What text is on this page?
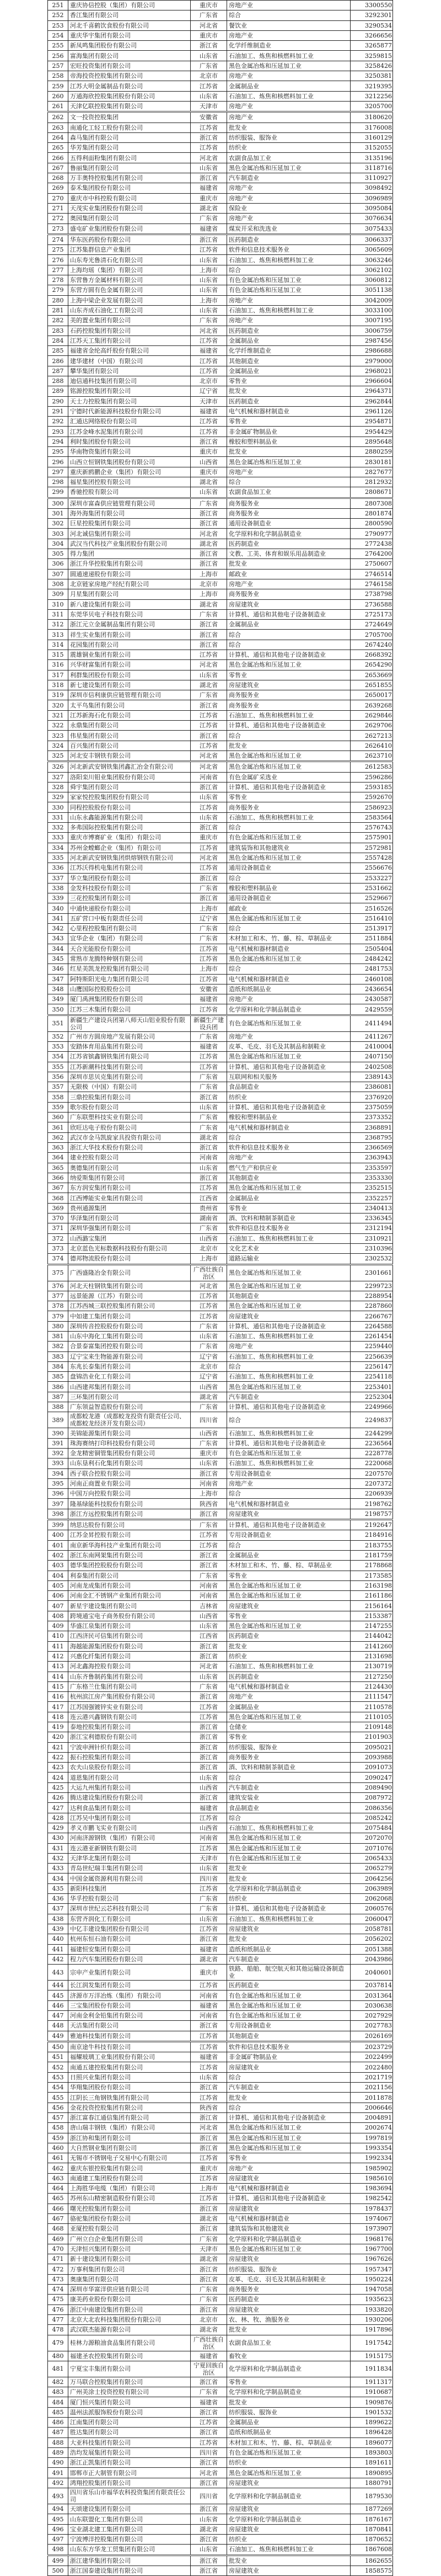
251	重庆协信控股（集团）有限公司	重庆市	房地产业	3300550
252	香江集团有限公司	广东省	综合	3292301
253	河北千喜鹤饮食股份有限公司	河北省	餐饮业	3290534
254	重庆华宇集团有限公司	重庆市	房地产业	3266656
255	新凤鸣集团股份有限公司	浙江省	化学纤维制造业	3265877
256	富海集团有限公司	山东省	石油加工、炼焦和核燃料加工业	3259815
257	宏旺投资集团有限公司	广东省	黑色金属冶炼和压延加工业	3258426
258	帝海投资控股集团有限公司	北京市	房地产业	3250381
259	江苏大明金属制品有限公司	江苏省	金属制品业	3219395
260	万通海欣控股集团股份有限公司	山东省	石油加工、炼焦和核燃料加工业	3212256
261	天津亿联控股集团有限公司	天津市	房地产业	3205700
262	文一投资控股集团	安徽省	房地产业	3180620
263	南通化工轻工股份有限公司	江苏省	批发业	3176008
264	森马集团有限公司	浙江省	纺织服装、服饰业	3160129
265	华芳集团有限公司	江苏省	纺织业	3152055
266	五得利面粉集团有限公司	河北省	农副食品加工业	3135196
267	鲁丽集团有限公司	山东省	黑色金属冶炼和压延加工业	3118716
268	万丰奥特控股集团有限公司	浙江省	汽车制造业	3110927
269	泰禾集团股份有限公司	福建省	房地产业	3098492
270	重庆市中科控股有限公司	重庆市	房地产业	3096989
271	天茂实业集团股份有限公司	湖北省	保险业	3095084
272	奥园集团有限公司	广东省	房地产业	3076634
273	盛屯矿业集团股份有限公司	福建省	煤炭开采和洗选业	3075433
274	华东医药股份有限公司	浙江省	医药制造业	3066337
275	江苏集群信息产业集团	江苏省	软件和信息技术服务业	3065609
276	山东寿光鲁清石化有限公司	山东省	石油加工、炼焦和核燃料加工业	3063246
277	上海均瑶（集团）有限公司	上海市	综合	3062102
278	东营鲁方金属材料有限公司	山东省	有色金属冶炼和压延加工业	3060812
279	东营方圆有色金属有限公司	山东省	有色金属冶炼和压延加工业	3051138
280	上海中梁企业发展有限公司	上海市	房地产业	3042009
281	山东齐成石油化工有限公司	山东省	石油加工、炼焦和核燃料加工业	3033100
282	美的置业集团有限公司	广东省	房地产业	3007195
283	石药控股集团有限公司	河北省	医药制造业	3006759
284	江苏天工集团有限公司	江苏省	金属制品业	2987456
285	福建省金纶高纤股份有限公司	福建省	化学纤维制造业	2986688
286	建华建材（中国）有限公司	江苏省	其他制造业	2979000
287	攀华集团有限公司	江苏省	金属制品业	2968021
288	迪信通科技集团有限公司	北京市	零售业	2966604
289	铭源控股集团有限公司	辽宁省	批发业	2964371
290	天士力控股集团有限公司	天津市	医药制造业	2962844
291	宁德时代新能源科技股份有限公司	福建省	电气机械和器材制造业	2961126
292	汇通达网络股份有限公司	江苏省	零售业	2954871
293	江苏金峰水泥集团有限公司	江苏省	非金属矿物制品业	2954429
294	利时集团股份有限公司	浙江省	橡胶和塑料制品业	2895648
295	华南物资集团有限公司	重庆市	批发业	2880259
296	山西立恒钢铁集团股份有限公司	山西省	黑色金属冶炼和压延加工业	2830181
297	重庆新鸥鹏企业（集团）有限公司	重庆市	房地产业	2827677
298	福星集团控股有限公司	湖北省	综合	2812932
299	香驰控股有限公司	山东省	农副食品加工业	2808671
300	深圳市富森供应链管理有限公司	广东省	商务服务业	2807308
301	海外海集团有限公司	浙江省	商务服务业	2801874
302	巨星控股集团有限公司	浙江省	通用设备制造业	2800590
303	河北诚信集团有限公司	河北省	化学原料和化学制品制造业	2790977
304	武汉当代科技产业集团股份有限公司	湖北省	医药制造业	2772438
305	得力集团	浙江省	文教、工美、体育和娱乐用品制造业	2764200
306	浙江升华控股集团有限公司	浙江省	批发业	2750607
307	圆通速递股份有限公司	上海市	邮政业	2746514
308	北京链家房地产经纪有限公司	北京市	房地产业	2746158
309	月星集团有限公司	上海市	商务服务业	2738798
310	新八建设集团有限公司	湖北省	房屋建筑业	2736588
311	东莞华贝电子科技有限公司	广东省	计算机、通信和其他电子设备制造业	2725173
312	浙江元立金属制品集团有限公司	浙江省	金属制品业	2724649
313	祥生实业集团有限公司	浙江省	综合	2705700
314	花园集团有限公司	浙江省	综合	2674240
315	震雄铜业集团有限公司	江苏省	计算机、通信和其他电子设备制造业	2668392
316	兴华财富集团有限公司	河北省	黑色金属冶炼和压延加工业	2654290
317	利群集团股份有限公司	山东省	零售业	2653669
318	新七建设集团有限公司	湖北省	房屋建筑业	2651855
319	深圳市信利康供应链管理有限公司	广东省	商务服务业	2650017
320	太平鸟集团有限公司	浙江省	商务服务业	2639268
321	江苏新海石化有限公司	江苏省	石油加工、炼焦和核燃料加工业	2629846
322	永鼎集团有限公司	江苏省	计算机、通信和其他电子设备制造业	2629706
323	伟星集团有限公司	浙江省	综合	2627213
324	百兴集团有限公司	江苏省	批发业	2626410
325	河北安丰钢铁有限公司	河北省	黑色金属冶炼和压延加工业	2623710
326	河北新武安钢铁集团鑫汇冶金有限公司	河北省	黑色金属冶炼和压延加工业	2612583
327	洛阳栾川钼业集团股份有限公司	河南省	有色金属矿采选业	2596286
328	舜宇集团有限公司	浙江省	计算机、通信和其他电子设备制造业	2593185
329	家家悦控股集团股份有限公司	山东省	零售业	2592670
330	同程控股股份有限公司	江苏省	商务服务业	2586923
331	山东永鑫能源集团有限公司	山东省	石油加工、炼焦和核燃料加工业	2583564
332	多弗国际控股集团有限公司	浙江省	综合	2576743
333	重庆市博赛矿业（集团）有限公司	重庆市	有色金属冶炼和压延加工业	2575901
334	苏州金螳螂企业（集团）有限公司	江苏省	建筑装饰和其他建筑业	2572981
335	河北新武安钢铁集团烘熔钢铁有限公司	河北省	黑色金属冶炼和压延加工业	2557428
336	江苏沃得机电集团有限公司	江苏省	通用设备制造业	2556676
337	华立集团股份有限公司	浙江省	综合	2533227
338	金发科技股份有限公司	广东省	橡胶和塑料制品业	2531662
339	三花控股集团有限公司	浙江省	通用设备制造业	2529667
340	中通快递股份有限公司	上海市	邮政业	2516526
341	五矿营口中板有限责任公司	辽宁省	黑色金属冶炼和压延加工业	2516410
342	心里程控股集团有限公司	广东省	综合	2513917
343	宜华企业（集团）有限公司	广东省	木材加工和木、竹、藤、棕、草制品业	2511884
344	天合光能股份有限公司	江苏省	电气机械和器材制造业	2505404
345	常熟市龙腾特种钢有限公司	江苏省	黑色金属冶炼和压延加工业	2484242
346	红星美凯龙控股集团有限公司	上海市	综合	2481753
347	阿特斯阳光电力集团有限公司	江苏省	电气机械和器材制造业	2460108
348	山鹰国际控股股份公司	安徽省	造纸和纸制品业	2436654
349	厦门禹洲集团股份有限公司	福建省	房地产业	2430587
350	江苏三木集团有限公司	江苏省	化学原料和化学制品制造业	2429559
351	新疆生产建设兵团第八师天山铝业股份有限公司	新疆生产建设兵团	有色金属冶炼和压延加工业	2411494
352	广州市方圆房地产发展有限公司	广东省	房地产业	2411267
353	安踏体育用品集团有限公司	福建省	皮革、毛皮、羽毛及其制品和制鞋业	2410004
354	江苏省镔鑫钢铁集团有限公司	江苏省	黑色金属冶炼和压延加工业	2407150
355	江苏新潮科技集团有限公司	江苏省	计算机、通信和其他电子设备制造业	2402508
356	深圳市思贝克集团有限公司	广东省	互联网和相关服务	2389143
357	无限极（中国）有限公司	广东省	食品制造业	2386081
358	三鼎控股集团有限公司	浙江省	纺织业	2376920
359	歌尔股份有限公司	山东省	计算机、通信和其他电子设备制造业	2375059
360	广东联塑科技实业有限公司	广东省	橡胶和塑料制品业	2373352
361	欣旺达电子股份有限公司	广东省	电气机械和器材制造业	2368891
362	武汉市金马凯旋家具投资有限公司	湖北省	综合	2368795
363	浙江大华技术股份有限公司	浙江省	软件和信息技术服务业	2366569
364	建业控股有限公司	河南省	房地产业	2363943
365	奥德集团有限公司	山东省	燃气生产和供应业	2353597
366	纳爱斯集团有限公司	浙江省	其他制造业	2353330
367	东方润安集团有限公司	江苏省	黑色金属冶炼和压延加工业	2352515
368	江西博能实业集团有限公司	江西省	金属制品业	2352257
369	贵州通源集团	贵州省	零售业	2340413
370	华泽集团有限公司	湖南省	酒、饮料和精制茶制造业	2336345
371	深圳华强集团有限公司	广东省	软件和信息技术服务业	2312194
372	山西潞宝集团	山西省	石油加工、炼焦和核燃料加工业	2310921
373	北京蓝色光标数据科技股份有限公司	北京市	文化艺术业	2310396
374	德邦物流股份有限公司	上海市	道路运输业	2302532
375	广西盛隆冶金有限公司	广西壮族自治区	黑色金属冶炼和压延加工业	2301661
376	河北天柱钢铁集团有限公司	河北省	黑色金属冶炼和压延加工业	2299723
377	远景能源（江苏）有限公司	江苏省	其他制造业	2288954
378	江苏西城三联控股集团有限公司	江苏省	黑色金属冶炼和压延加工业	2287860
379	中如建工集团有限公司	江苏省	房屋建筑业	2266767
380	深圳传音控股股份有限公司	广东省	计算机、通信和其他电子设备制造业	2264588
381	山东中海化工集团有限公司	山东省	石油加工、炼焦和核燃料加工业	2261454
382	合景泰富集团控股有限公司	广东省	房地产业	2259440
383	辽宁宝来生物能源有限公司	辽宁省	石油加工、炼焦和核燃料加工业	2256639
384	东兆长泰集团有限公司	北京市	综合	2256147
385	盘锦浩业化工有限公司	辽宁省	石油加工、炼焦和核燃料加工业	2254118
386	山西建邦集团有限公司	山西省	黑色金属冶炼和压延加工业	2253401
387	三环集团有限公司	湖北省	汽车制造业	2252304
388	广东领益智造股份有限公司	广东省	计算机、通信和其他电子设备制造业	2249966
389	成都蛟龙港（成都蛟龙投资有限责任公司、成都蛟龙经济开发有限公司）	四川省	综合	2249837
390	美锦能源集团有限公司	山西省	石油加工、炼焦和核燃料加工业	2244299
391	珠海赛纳打印科技股份有限公司	广东省	计算机、通信和其他电子设备制造业	2236564
392	金龙精密铜管集团股份有限公司	重庆市	有色金属冶炼和压延加工业	2228778
393	山东垦利石化集团有限公司	山东省	石油加工、炼焦和核燃料加工业	2220068
394	西子联合控股有限公司	浙江省	专用设备制造业	2207570
395	河南正商置业有限公司	河南省	房地产业	2207372
396	中国万向控股有限公司	上海市	综合	2206939
397	隆基绿能科技股份有限公司	陕西省	电气机械和器材制造业	2198762
398	浙江方远控股集团有限公司	浙江省	房屋建筑业	2198757
399	纳思达股份有限公司	广东省	计算机、通信和其他电子设备制造业	2192647
400	江苏金昇控股有限公司	江苏省	专用设备制造业	2184916
401	南京新华海科技产业集团有限公司	江苏省	综合	2183755
402	浙江东南网架集团有限公司	浙江省	金属制品业	2181759
403	德华集团控股股份有限公司	浙江省	木材加工和木、竹、藤、棕、草制品业	2178868
404	利泰集团有限公司	广东省	零售业	2173585
405	河南龙成集团有限公司	河南省	黑色金属冶炼和压延加工业	2163198
406	河南金汇不锈钢产业集团有限公司	河南省	黑色金属冶炼和压延加工业	2161186
407	新星宇建设集团有限公司	吉林省	房屋建筑业	2156164
408	跨境通宝电子商务股份有限公司	山西省	零售业	2153387
409	华盛江泉集团有限公司	山东省	黑色金属冶炼和压延加工业	2147255
410	江西济民可信集团有限公司	江西省	医药制造业	2144042
411	海越能源集团股份有限公司	浙江省	批发业	2141260
412	兴惠化纤集团有限公司	浙江省	纺织业	2131698
413	河北鑫海控股有限公司	河北省	石油加工、炼焦和核燃料加工业	2130719
414	山东齐鲁制药集团有限公司	山东省	医药制造业	2127250
415	广东格兰仕集团有限公司	广东省	电气机械和器材制造业	2124430
416	杭州滨江房产集团股份有限公司	浙江省	房地产业	2111547
417	江苏国强镀锌实业有限公司	江苏省	金属制品业	2110578
418	连云港兴鑫钢铁有限公司	江苏省	黑色金属冶炼和压延加工业	2110105
419	泰地控股集团有限公司	浙江省	仓储业	2109148
420	浙江宝利德股份有限公司	浙江省	零售业	2101903
421	宁波申洲针织有限公司	浙江省	纺织服装、服饰业	2095021
422	振石控股集团有限公司	浙江省	商务服务业	2093988
423	农夫山泉股份有限公司	浙江省	酒、饮料和精制茶制造业	2091073
424	道恩集团有限公司	山东省	综合	2090247
425	大运九州集团有限公司	山西省	汽车制造业	2089490
426	腾达建设集团股份有限公司	浙江省	建筑安装业	2087972
427	达利食品集团有限公司	福建省	食品制造业	2086356
428	江苏吴中集团有限公司	江苏省	综合	2085242
429	孝义市鹏飞实业有限公司	山西省	石油加工、炼焦和核燃料加工业	2075484
430	河南济源钢铁（集团）有限公司	河南省	黑色金属冶炼和压延加工业	2072070
431	连云港亚新钢铁有限公司	江苏省	黑色金属冶炼和压延加工业	2071076
432	天津华北集团有限公司	天津市	有色金属冶炼和压延加工业	2065433
433	青岛世纪瑞丰集团有限公司	山东省	批发业	2065279
434	中国金属资源利用有限公司	四川省	批发业	2064256
435	新阳科技集团	江苏省	化学原料和化学制品制造业	2063989
436	华孚控股有限公司	广东省	纺织业	2062068
437	深圳市世纪云芯科技有限公司	广东省	计算机、通信和其他电子设备制造业	2060576
438	东营齐润化工有限公司	山东省	石油加工、炼焦和核燃料加工业	2060047
439	中亿丰建设集团股份有限公司	江苏省	房屋建筑业	2058781
440	杭州东恒石油有限公司	浙江省	批发业	2056202
441	福建恒安集团有限公司	福建省	造纸和纸制品业	2051388
442	程力汽车集团股份有限公司	湖北省	汽车制造业	2043986
443	宗申产业集团有限公司	重庆市	铁路、船舶、航空航天和其他运输设备制造业	2040601
444	长江润发集团有限公司	江苏省	医药制造业	2037814
445	济源市万洋冶炼（集团）有限公司	河南省	有色金属冶炼和压延加工业	2031364
446	三宝集团股份有限公司	福建省	黑色金属冶炼和压延加工业	2030638
447	河南金利金铅集团有限公司	河南省	有色金属冶炼和压延加工业	2027929
448	天洁集团有限公司	浙江省	专用设备制造业	2027783
449	雅迪科技集团有限公司	江苏省	其他制造业	2026169
450	南京途牛科技有限公司	江苏省	软件和信息技术服务业	2023729
451	福耀玻璃工业集团股份有限公司	福建省	非金属矿物制品业	2022499
452	南通五建控股集团有限公司	江苏省	房屋建筑业	2022480
453	日照兴业集团有限公司	山东省	综合	2021719
454	华翔集团股份有限公司	浙江省	汽车制造业	2021156
455	江阴长三角钢铁集团有限公司	江苏省	批发业	2011878
456	金花投资控股集团有限公司	陕西省	综合	2006646
457	浙江富春江通信集团有限公司	浙江省	计算机、通信和其他电子设备制造业	2004891
458	唐山瑞丰钢铁（集团）有限公司	河北省	黑色金属冶炼和压延加工业	2002674
459	浙江协和集团有限公司	浙江省	黑色金属冶炼和压延加工业	1997819
460	大自然钢业集团有限公司	浙江省	黑色金属冶炼和压延加工业	1993354
461	无锡市不锈钢电子交易中心有限公司	江苏省	零售业	1992334
462	重庆东银控股集团有限公司	重庆市	房地产业	1985902
463	南通建工集团股份有限公司	江苏省	房屋建筑业	1985610
464	上海胜华电缆（集团）有限公司	上海市	电气机械和器材制造业	1983694
465	苏州东山精密制造股份有限公司	江苏省	计算机、通信和其他电子设备制造业	1982542
466	曙光控股集团有限公司	浙江省	房屋建筑业	1978437
467	骆驼集团股份有限公司	湖北省	电气机械和器材制造业	1974067
468	亚厦控股有限公司	浙江省	建筑装饰和其他建筑业	1973907
469	广州立白企业集团有限公司	广东省	化学原料和化学制品制造业	1968176
470	天津恒兴集团有限公司	天津市	黑色金属冶炼和压延加工业	1967700
471	新十建设集团有限公司	湖北省	房屋建筑业	1967626
472	万事利集团有限公司	浙江省	纺织服装、服饰业	1957347
473	奥康集团有限公司	浙江省	皮革、毛皮、羽毛及其制品和制鞋业	1950224
474	深圳市华富洋供应链有限公司	广东省	商务服务业	1947058
475	康美药业股份有限公司	广东省	医药制造业	1935623
476	浙江中南建设集团有限公司	浙江省	房屋建筑业	1933820
477	北京大北农科技集团股份有限公司	北京市	农、林、牧、渔服务业	1930206
478	武汉联杰能源有限公司	湖北省	批发业	1917896
479	桂林力源粮油食品集团有限公司	广西壮族自治区	农副食品加工业	1917542
480	福建圣农控股集团有限公司	福建省	畜牧业	1915175
481	宁夏宝丰集团有限公司	宁夏回族自治区	化学原料和化学制品制造业	1911834
482	万马联合控股集团有限公司	浙江省	零售业	1911317
483	广州美涂士投资控股有限公司	广东省	化学原料和化学制品制造业	1910687
484	厦门恒兴集团有限公司	福建省	批发业	1909876
485	温州法派服饰股份有限公司	浙江省	纺织服装、服饰业	1901532
486	江南集团有限公司	江苏省	金属制品业	1899622
487	胜达集团有限公司	浙江省	造纸和纸制品业	1896428
488	大亚科技集团有限公司	江苏省	木材加工和木、竹、藤、棕、草制品业	1896077
489	浩均发展集团有限公司	四川省	有色金属冶炼和压延加工业	1893803
490	浙江正凯集团有限公司	浙江省	纺织业	1891611
491	邯郸市正大制管有限公司	河北省	黑色金属冶炼和压延加工业	1890895
492	鸿翔控股集团有限公司	浙江省	房屋建筑业	1880791
493	四川省乐山市福华农科投资集团有限责任公司	四川省	化学原料和化学制品制造业	1879530
494	天颂建设集团有限公司	浙江省	房屋建筑业	1877269
495	山东联盟化工集团有限公司	山东省	化学原料和化学制品制造业	1876167
496	宝业湖北建工集团有限公司	湖北省	房屋建筑业	1870841
497	宁波博洋控股集团有限公司	浙江省	纺织业	1870652
498	山东东方华龙工贸集团有限公司	山东省	石油加工、炼焦和核燃料加工业	1867608
499	浙江建华集团有限公司	浙江省	批发业	1862655
500	浙江国泰建设集团有限公司	浙江省	房屋建筑业	1858575
